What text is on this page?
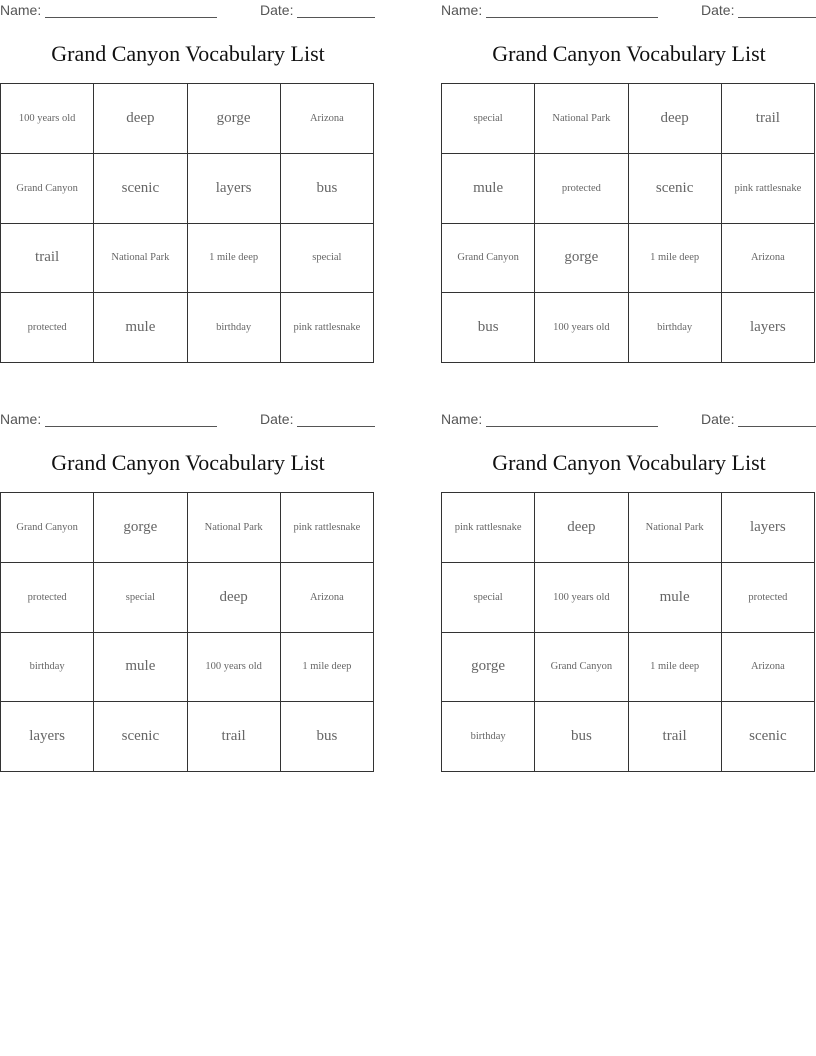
Name:	Date:
Grand Canyon Vocabulary List
100 years old	deep	gorge	Arizona
Grand Canyon	scenic	layers	bus
trail	National Park	1 mile deep	special
protected	mule	birthday	pink rattlesnake
Name:	Date:
Grand Canyon Vocabulary List
special	National Park	deep	trail
mule	protected	scenic	pink rattlesnake
Grand Canyon	gorge	1 mile deep	Arizona
bus	100 years old	birthday	layers
Name:	Date:
Grand Canyon Vocabulary List
Grand Canyon	gorge	National Park	pink rattlesnake
protected	special	deep	Arizona
birthday	mule	100 years old	1 mile deep
layers	scenic	trail	bus
Name:	Date:
Grand Canyon Vocabulary List
pink rattlesnake	deep	National Park	layers
special	100 years old	mule	protected
gorge	Grand Canyon	1 mile deep	Arizona
birthday	bus	trail	scenic
